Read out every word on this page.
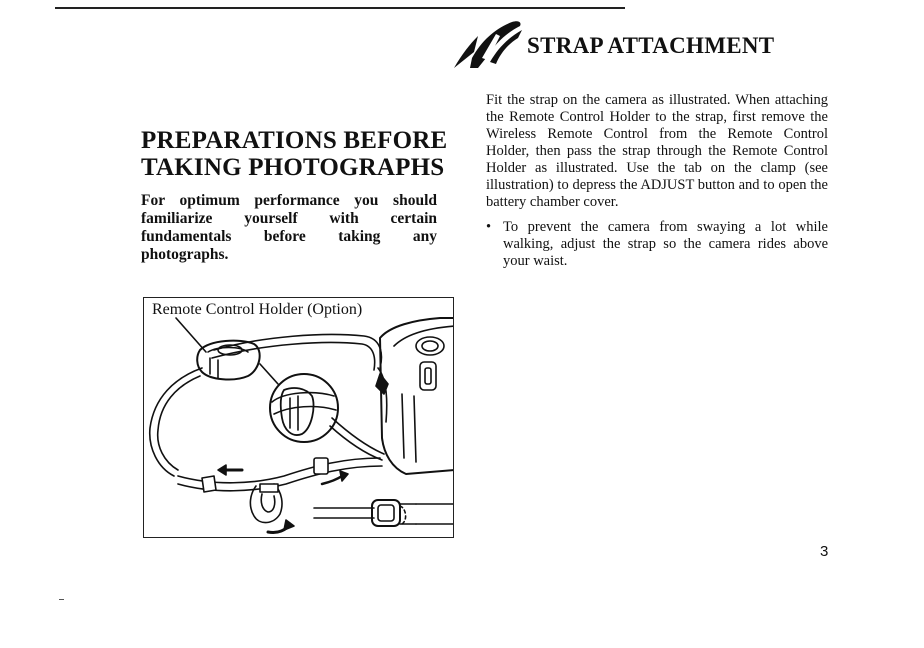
STRAP ATTACHMENT
PREPARATIONS BEFORE
TAKING PHOTOGRAPHS
For optimum performance you should familiarize yourself with certain fundamentals before taking any photographs.
Remote Control Holder (Option)
Fit the strap on the camera as illustrated. When attaching the Remote Control Holder to the strap, first remove the Wireless Remote Control from the Remote Control Holder, then pass the strap through the Remote Control Holder as illustrated. Use the tab on the clamp (see illustration) to depress the ADJUST button and to open the battery chamber cover.
• To prevent the camera from swaying a lot while walking, adjust the strap so the camera rides above your waist.
3
